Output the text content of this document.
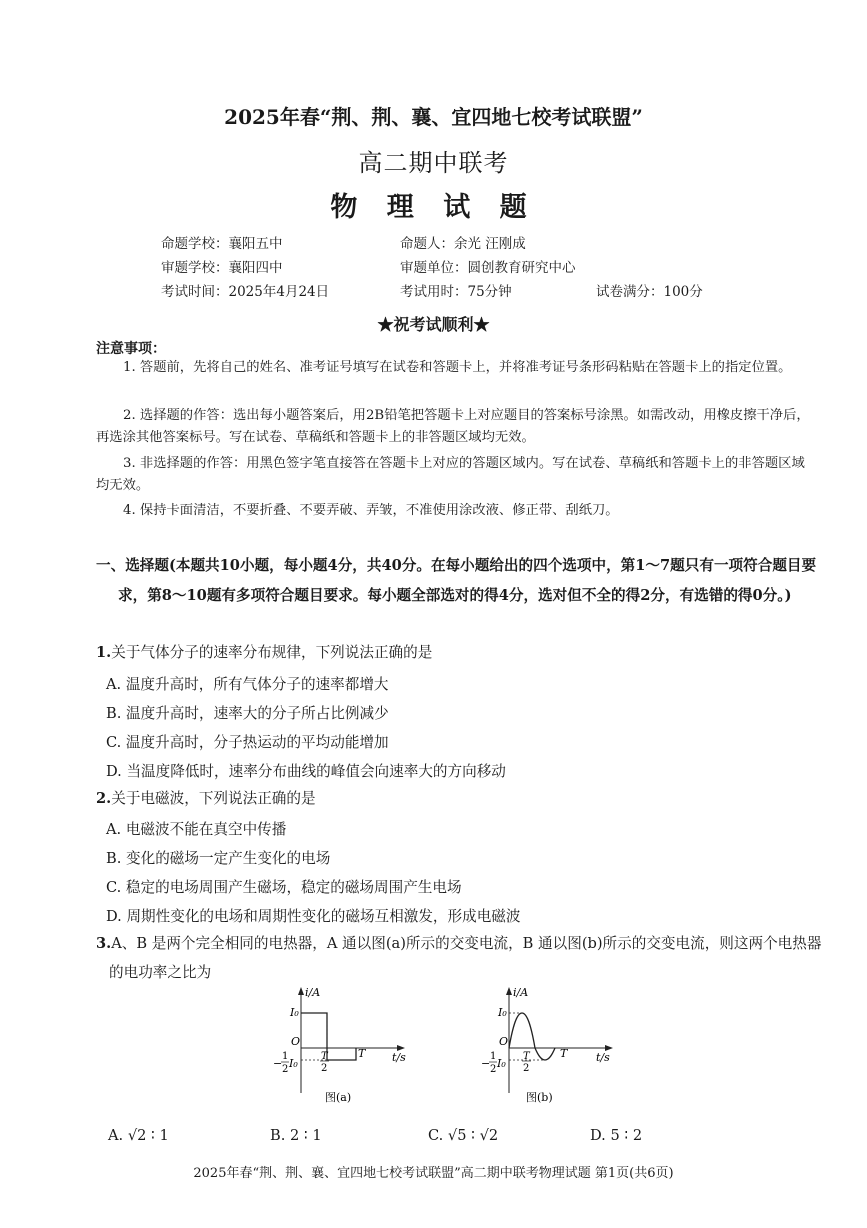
2025年春“荆、荆、襄、宜四地七校考试联盟”
高二期中联考
物 理 试 题
命题学校：襄阳五中	命题人：余光 汪刚成
审题学校：襄阳四中	审题单位：圆创教育研究中心
考试时间：2025年4月24日	考试用时：75分钟	试卷满分：100分
★祝考试顺利★
注意事项：
1. 答题前，先将自己的姓名、准考证号填写在试卷和答题卡上，并将准考证号条形码粘贴在答题卡上的指定位置。
2. 选择题的作答：选出每小题答案后，用2B铅笔把答题卡上对应题目的答案标号涂黑。如需改动，用橡皮擦干净后，再选涂其他答案标号。写在试卷、草稿纸和答题卡上的非答题区域均无效。
3. 非选择题的作答：用黑色签字笔直接答在答题卡上对应的答题区域内。写在试卷、草稿纸和答题卡上的非答题区域均无效。
4. 保持卡面清洁，不要折叠、不要弄破、弄皱，不准使用涂改液、修正带、刮纸刀。
一、选择题(本题共10小题，每小题4分，共40分。在每小题给出的四个选项中，第1～7题只有一项符合题目要求，第8～10题有多项符合题目要求。每小题全部选对的得4分，选对但不全的得2分，有选错的得0分。)
1.关于气体分子的速率分布规律，下列说法正确的是
A. 温度升高时，所有气体分子的速率都增大
B. 温度升高时，速率大的分子所占比例减少
C. 温度升高时，分子热运动的平均动能增加
D. 当温度降低时，速率分布曲线的峰值会向速率大的方向移动
2.关于电磁波，下列说法正确的是
A. 电磁波不能在真空中传播
B. 变化的磁场一定产生变化的电场
C. 稳定的电场周围产生磁场，稳定的磁场周围产生电场
D. 周期性变化的电场和周期性变化的磁场互相激发，形成电磁波
3.A、B 是两个完全相同的电热器，A 通以图(a)所示的交变电流，B 通以图(b)所示的交变电流，则这两个电热器的电功率之比为
i/A
I₀
O
−
1
2 I₀
T
2
T t/s
图(a)
i/A
I₀
O
−
1
2 I₀
T
2
T	t/s
图(b)
A. √2 ∶ 1	B. 2 ∶ 1	C. √5 ∶ √2	D. 5 ∶ 2
2025年春“荆、荆、襄、宜四地七校考试联盟”高二期中联考物理试题 第1页(共6页)
